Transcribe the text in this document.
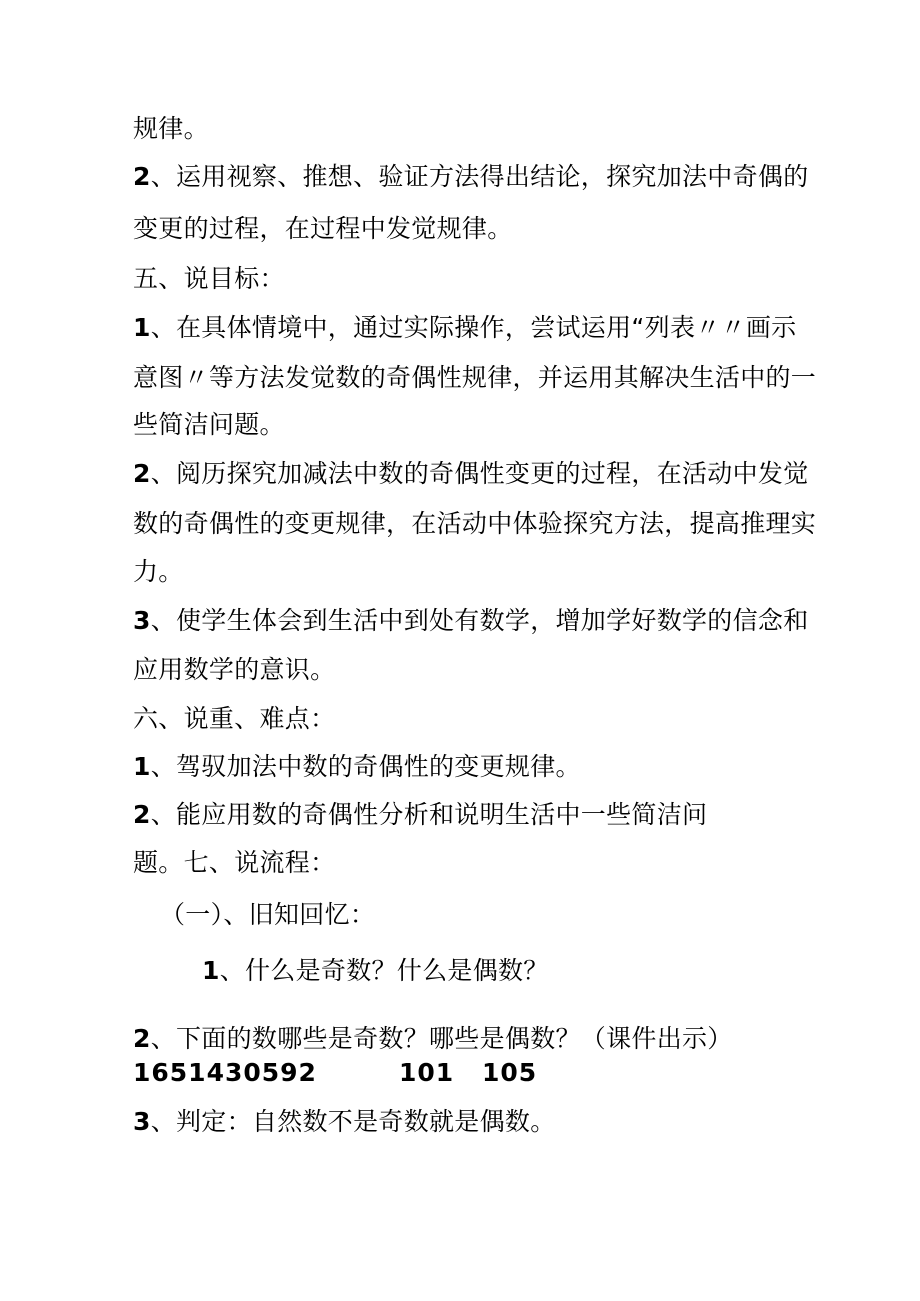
规律。
2、运用视察、推想、验证方法得出结论，探究加法中奇偶的
变更的过程，在过程中发觉规律。
五、说目标：
1、在具体情境中，通过实际操作，尝试运用“列表〃〃画示
意图〃等方法发觉数的奇偶性规律，并运用其解决生活中的一
些简洁问题。
2、阅历探究加减法中数的奇偶性变更的过程，在活动中发觉
数的奇偶性的变更规律，在活动中体验探究方法，提高推理实
力。
3、使学生体会到生活中到处有数学，增加学好数学的信念和
应用数学的意识。
六、说重、难点：
1、驾驭加法中数的奇偶性的变更规律。
2、能应用数的奇偶性分析和说明生活中一些简洁问
题。七、说流程：
（一）、旧知回忆：
1、什么是奇数？什么是偶数？
2、下面的数哪些是奇数？哪些是偶数？（课件出示）
1651430592	101 105
3、判定：自然数不是奇数就是偶数。
